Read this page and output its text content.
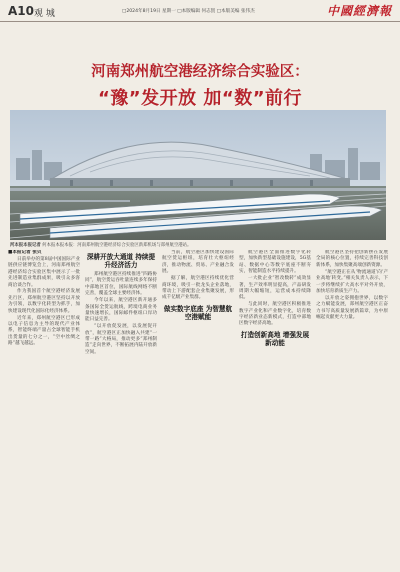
A10 观 城	□2024年8月19日 星期一 □本版编辑 何志賀 □本版美编 张伟杰	中國經濟報
河南郑州航空港经济综合实验区：
“豫”发开放 加“数”前行
河本报本报记者 何本报本报本报：河南郑州航空港经济综合实验区新郑机场与郑州航空港站。

■本报记者 张贝

日前举办的第8届中国国际产业链供应链博览会上，河南郑州航空港经济综合实验区集中展示了一批先进制造业集群成果，吸引众多客商洽谈合作。

作为我国首个航空港经济发展先行区，郑州航空港区坚持以开放为引领，以数字化转型为抓手，加快建设现代化国际化经济体系。

近年来，郑州航空港区已形成以电子信息为主导的现代产业体系，智能终端产量占全球智能手机出货量的七分之一，“空中丝绸之路”越飞越远。

深耕开放大通道 持续提升经济活力

郑州航空港区持续推进“四路协同”，航空货运吞吐量连续多年保持中部地区首位，国际航线网络不断完善，覆盖全球主要经济体。

今年以来，航空港区新开通多条国际全货运航线，跨境电商业务量快速增长，国际邮件枢纽口岸功能日益完善。

“以开放促发展，以发展促开放”，航空港区正加快融入共建“一带一路”大格局，推动更多“郑州制造”走向世界，不断拓展内陆开放新空间。

当前，航空港区加快建设国际航空货运枢纽，培育壮大枢纽经济，推动物流、贸易、产业融合发展。

据了解，航空港区持续优化营商环境，吸引一批龙头企业落地，带动上下游配套企业集聚发展，形成千亿级产业集群。

做实数字底座 为智慧航空港赋能

航空港区全面推进数字化转型，加快新型基础设施建设，5G基站、数据中心等数字底座不断夯实，智能制造水平持续提升。

一大批企业“智改数转”成效显著，生产效率明显提高，产品研发周期大幅缩短，运营成本持续降低。

与此同时，航空港区积极推进数字产业化和产业数字化，培育数字经济新业态新模式，打造中部地区数字经济高地。

打造创新高地 增强发展新动能

航空港区坚持把创新摆在发展全局的核心位置，持续完善科技创新体系，加快集聚高端创新资源。

“航空港正在从‘物流通道’向‘产业高地’转变。”相关负责人表示，下一步将继续扩大高水平对外开放，加快培育新质生产力。

以开放之姿拥抱世界，以数字之力赋能发展，郑州航空港区正奋力书写高质量发展新篇章，为中原崛起贡献更大力量。
